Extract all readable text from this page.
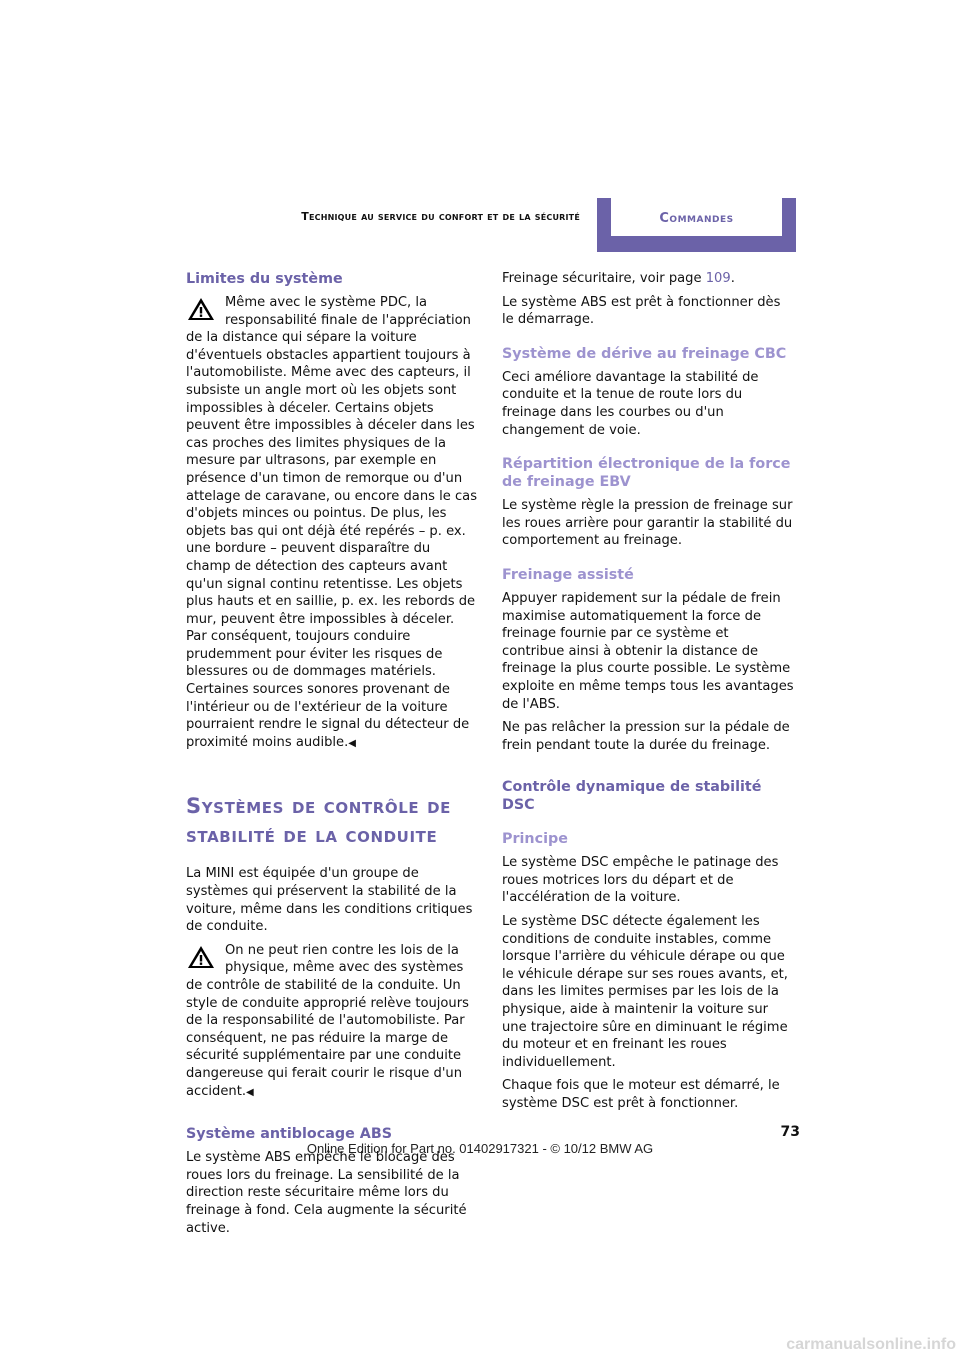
Technique au service du confort et de la sécurité	Commandes
Limites du système

Même avec le système PDC, la responsabilité finale de l'appréciation de la distance qui sépare la voiture d'éventuels obstacles appartient toujours à l'automobiliste. Même avec des capteurs, il subsiste un angle mort où les objets sont impossibles à déceler. Certains objets peuvent être impossibles à déceler dans les cas proches des limites physiques de la mesure par ultrasons, par exemple en présence d'un timon de remorque ou d'un attelage de caravane, ou encore dans le cas d'objets minces ou pointus. De plus, les objets bas qui ont déjà été repérés – p. ex. une bordure – peuvent disparaître du champ de détection des capteurs avant qu'un signal continu retentisse. Les objets plus hauts et en saillie, p. ex. les rebords de mur, peuvent être impossibles à déceler. Par conséquent, toujours conduire prudemment pour éviter les risques de blessures ou de dommages matériels. Certaines sources sonores provenant de l'intérieur ou de l'extérieur de la voiture pourraient rendre le signal du détecteur de proximité moins audible.◀

Systèmes de contrôle de stabilité de la conduite

La MINI est équipée d'un groupe de systèmes qui préservent la stabilité de la voiture, même dans les conditions critiques de conduite.

On ne peut rien contre les lois de la physique, même avec des systèmes de contrôle de stabilité de la conduite. Un style de conduite approprié relève toujours de la responsabilité de l'automobiliste. Par conséquent, ne pas réduire la marge de sécurité supplémentaire par une conduite dangereuse qui ferait courir le risque d'un accident.◀

Système antiblocage ABS

Le système ABS empêche le blocage des roues lors du freinage. La sensibilité de la direction reste sécuritaire même lors du freinage à fond. Cela augmente la sécurité active.

Freinage sécuritaire, voir page 109.

Le système ABS est prêt à fonctionner dès le démarrage.

Système de dérive au freinage CBC

Ceci améliore davantage la stabilité de conduite et la tenue de route lors du freinage dans les courbes ou d'un changement de voie.

Répartition électronique de la force de freinage EBV

Le système règle la pression de freinage sur les roues arrière pour garantir la stabilité du comportement au freinage.

Freinage assisté

Appuyer rapidement sur la pédale de frein maximise automatiquement la force de freinage fournie par ce système et contribue ainsi à obtenir la distance de freinage la plus courte possible. Le système exploite en même temps tous les avantages de l'ABS.

Ne pas relâcher la pression sur la pédale de frein pendant toute la durée du freinage.

Contrôle dynamique de stabilité DSC
Principe

Le système DSC empêche le patinage des roues motrices lors du départ et de l'accélération de la voiture.

Le système DSC détecte également les conditions de conduite instables, comme lorsque l'arrière du véhicule dérape ou que le véhicule dérape sur ses roues avants, et, dans les limites permises par les lois de la physique, aide à maintenir la voiture sur une trajectoire sûre en diminuant le régime du moteur et en freinant les roues individuellement.

Chaque fois que le moteur est démarré, le système DSC est prêt à fonctionner.

73
Online Edition for Part no. 01402917321 - © 10/12 BMW AG
carmanualsonline.info
